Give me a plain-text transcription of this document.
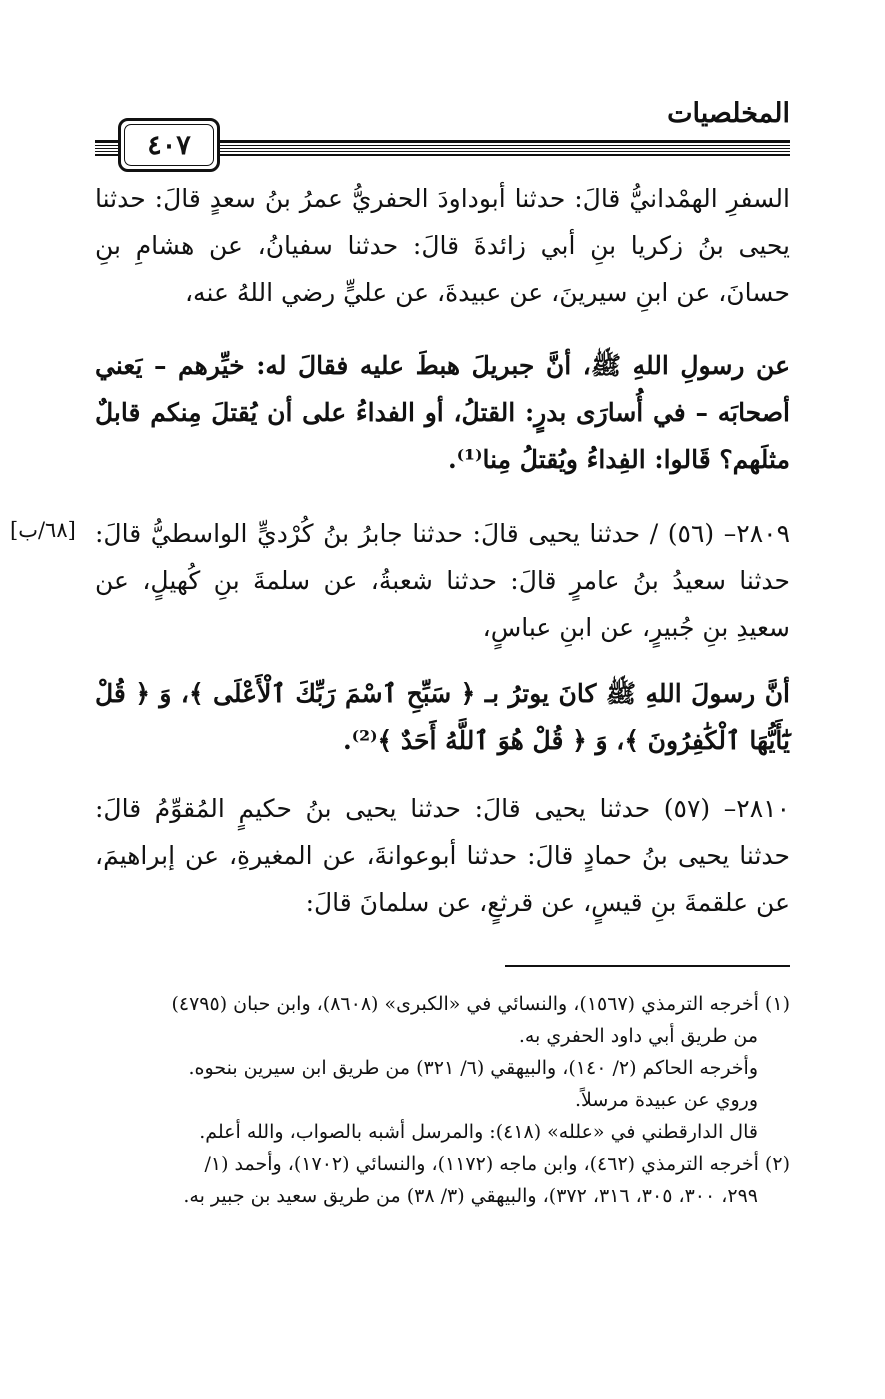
المخلصيات
٤٠٧

السفرِ الهمْدانيُّ قالَ: حدثنا أبوداودَ الحفريُّ عمرُ بنُ سعدٍ قالَ: حدثنا يحيى بنُ زكريا بنِ أبي زائدةَ قالَ: حدثنا سفيانُ، عن هشامِ بنِ حسانَ، عن ابنِ سيرينَ، عن عبيدةَ، عن عليٍّ رضي اللهُ عنه،

عن رسولِ اللهِ ﷺ، أنَّ جبريلَ هبطَ عليه فقالَ له: خيِّرهم – يَعني أصحابَه – في أُسارَى بدرٍ: القتلُ، أو الفداءُ على أن يُقتلَ مِنكم قابلٌ مثلَهم؟ قَالوا: الفِداءُ ويُقتلُ مِنا⁽¹⁾.

٢٨٠٩– (٥٦) / حدثنا يحيى قالَ: حدثنا جابرُ بنُ كُرْديٍّ الواسطيُّ قالَ: حدثنا سعيدُ بنُ عامرٍ قالَ: حدثنا شعبةُ، عن سلمةَ بنِ كُهيلٍ، عن سعيدِ بنِ جُبيرٍ، عن ابنِ عباسٍ،

[٦٨/ب]

أنَّ رسولَ اللهِ ﷺ كانَ يوترُ بـ ﴿ سَبِّحِ ٱسْمَ رَبِّكَ ٱلْأَعْلَى ﴾، وَ ﴿ قُلْ يَٰٓأَيُّهَا ٱلْكَٰفِرُونَ ﴾، وَ ﴿ قُلْ هُوَ ٱللَّهُ أَحَدٌ ﴾⁽²⁾.

٢٨١٠– (٥٧) حدثنا يحيى قالَ: حدثنا يحيى بنُ حكيمٍ المُقوِّمُ قالَ: حدثنا يحيى بنُ حمادٍ قالَ: حدثنا أبوعوانةَ، عن المغيرةِ، عن إبراهيمَ، عن علقمةَ بنِ قيسٍ، عن قرثعٍ، عن سلمانَ قالَ:

(١) أخرجه الترمذي (١٥٦٧)، والنسائي في «الكبرى» (٨٦٠٨)، وابن حبان (٤٧٩٥)

من طريق أبي داود الحفري به.

وأخرجه الحاكم (٢/ ١٤٠)، والبيهقي (٦/ ٣٢١) من طريق ابن سيرين بنحوه.

وروي عن عبيدة مرسلاً.

قال الدارقطني في «علله» (٤١٨): والمرسل أشبه بالصواب، والله أعلم.

(٢) أخرجه الترمذي (٤٦٢)، وابن ماجه (١١٧٢)، والنسائي (١٧٠٢)، وأحمد (١/

٢٩٩، ٣٠٠، ٣٠٥، ٣١٦، ٣٧٢)، والبيهقي (٣/ ٣٨) من طريق سعيد بن جبير به.
